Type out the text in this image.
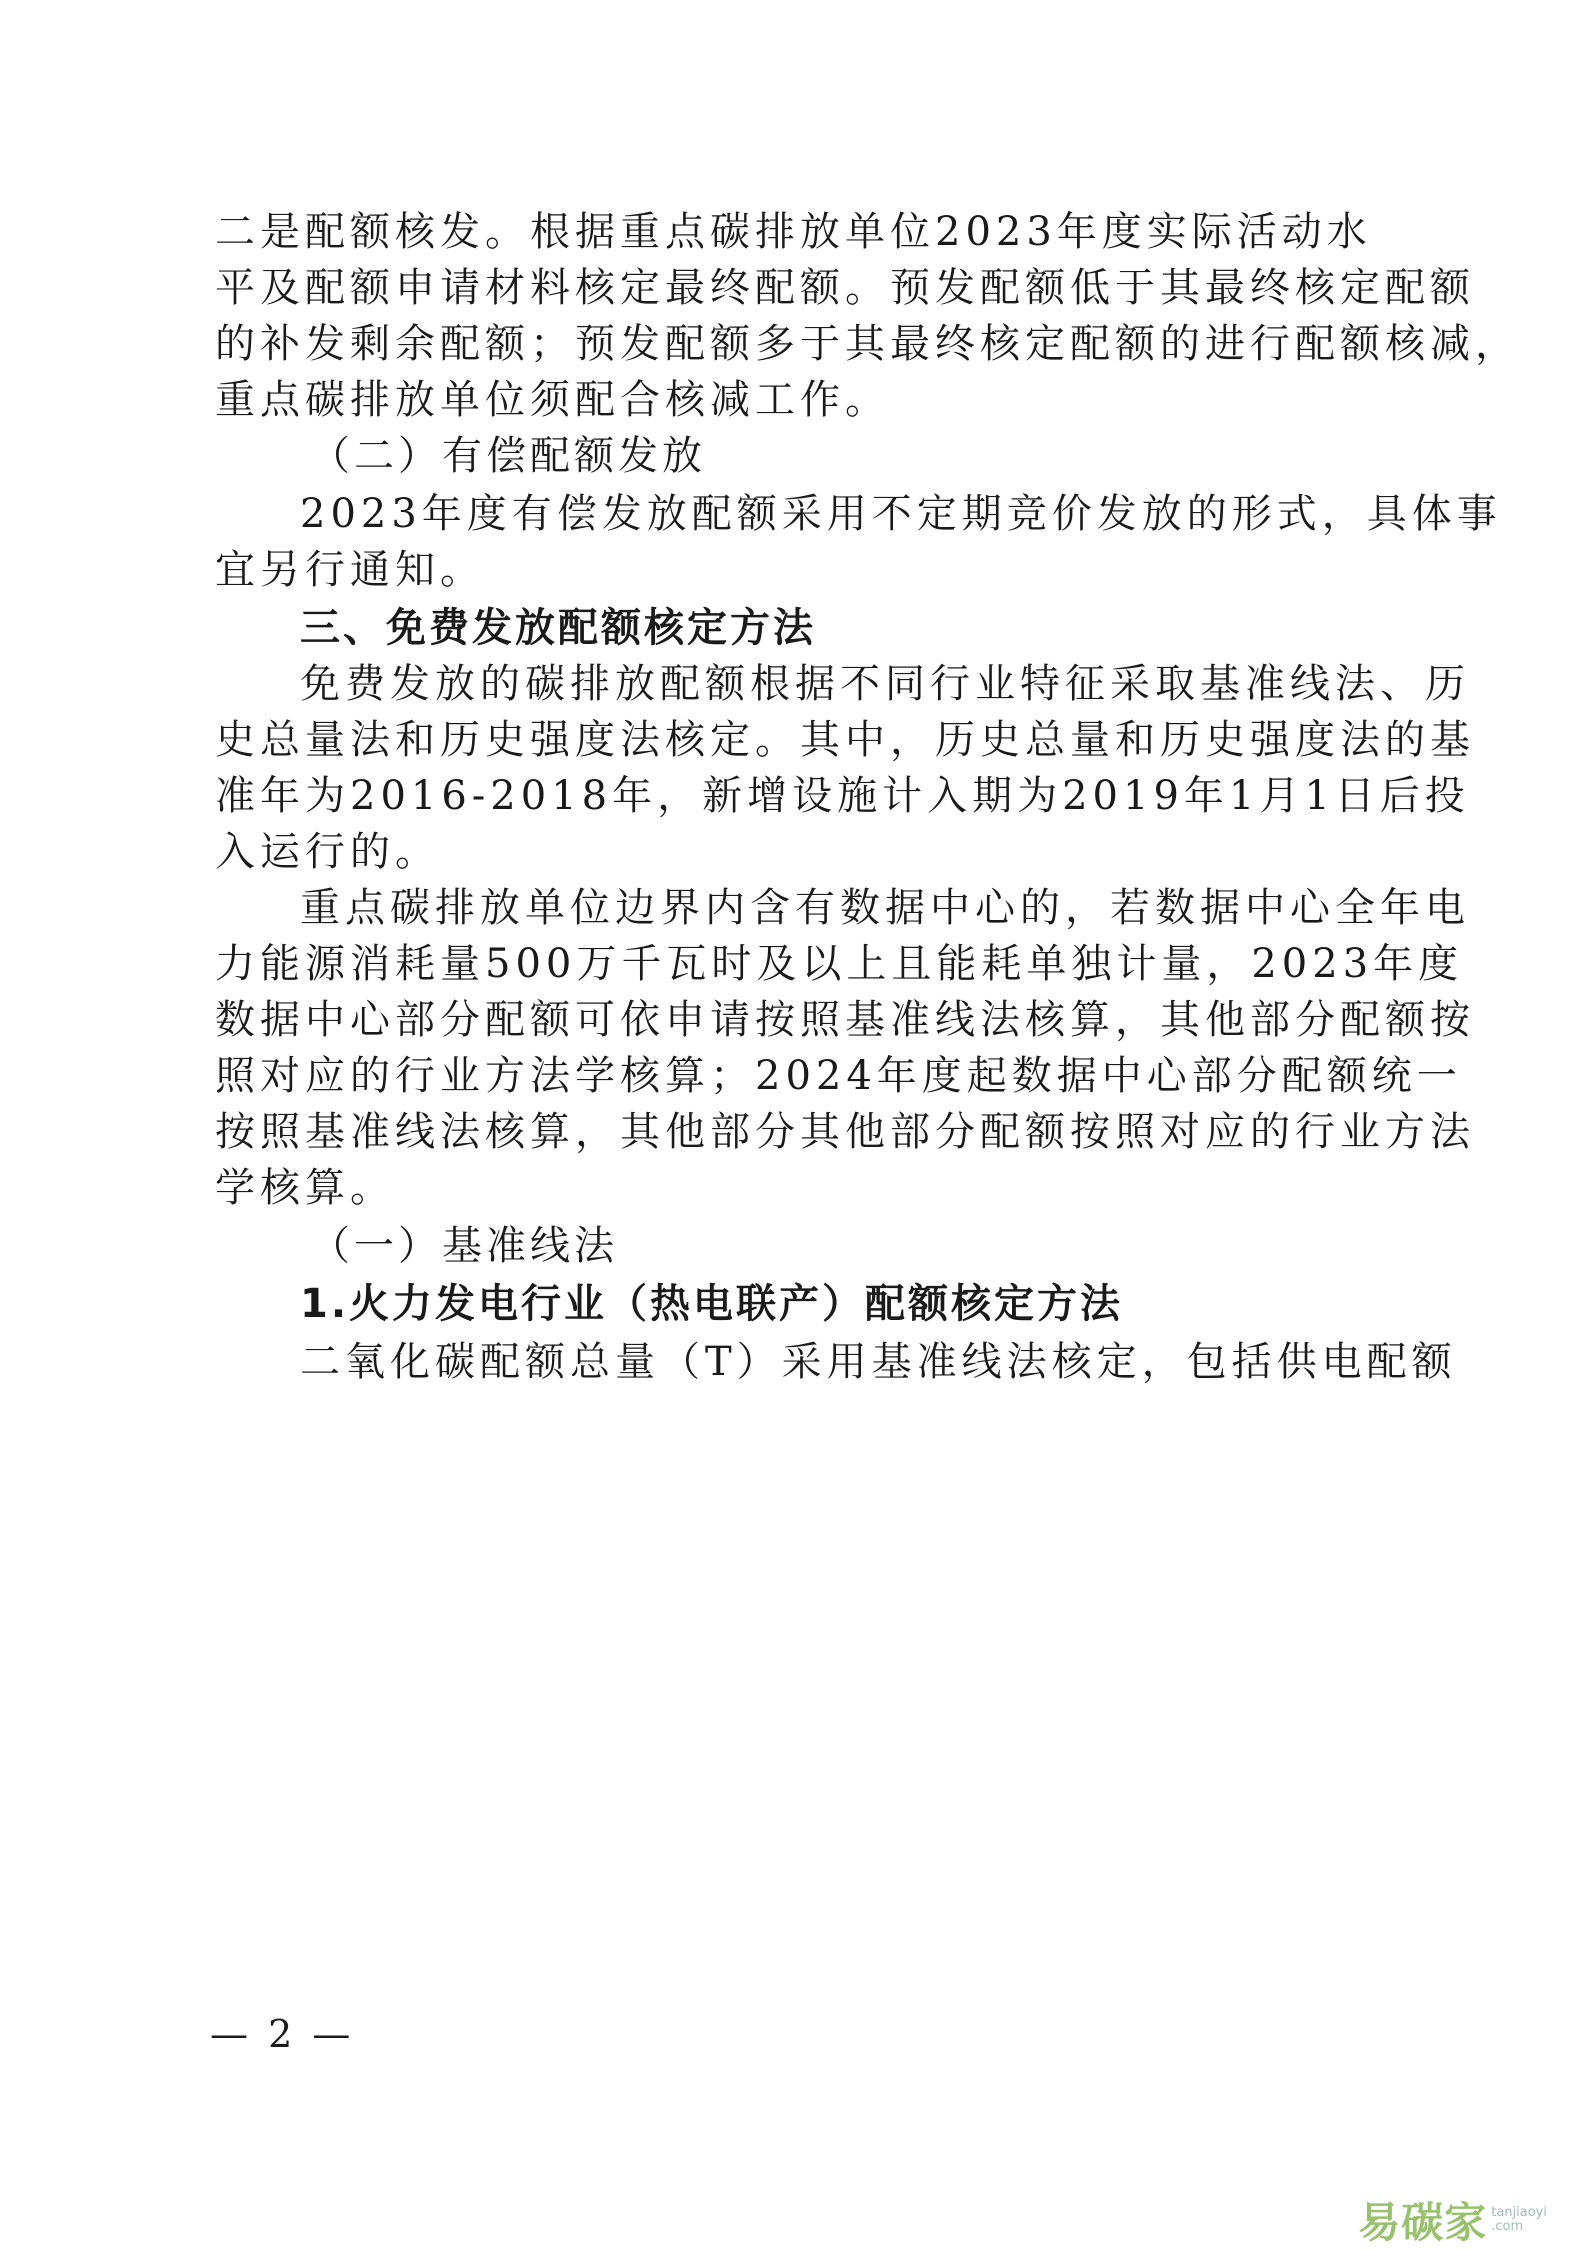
二是配额核发。根据重点碳排放单位2023年度实际活动水
平及配额申请材料核定最终配额。预发配额低于其最终核定配额
的补发剩余配额；预发配额多于其最终核定配额的进行配额核减，
重点碳排放单位须配合核减工作。
（二）有偿配额发放
2023年度有偿发放配额采用不定期竞价发放的形式，具体事
宜另行通知。
三、免费发放配额核定方法
免费发放的碳排放配额根据不同行业特征采取基准线法、历
史总量法和历史强度法核定。其中，历史总量和历史强度法的基
准年为2016-2018年，新增设施计入期为2019年1月1日后投
入运行的。
重点碳排放单位边界内含有数据中心的，若数据中心全年电
力能源消耗量500万千瓦时及以上且能耗单独计量，2023年度
数据中心部分配额可依申请按照基准线法核算，其他部分配额按
照对应的行业方法学核算；2024年度起数据中心部分配额统一
按照基准线法核算，其他部分其他部分配额按照对应的行业方法
学核算。
（一）基准线法
1.火力发电行业（热电联产）配额核定方法
二氧化碳配额总量（T）采用基准线法核定，包括供电配额
— 2 —
易碳家 tanjiaoyi
.com
